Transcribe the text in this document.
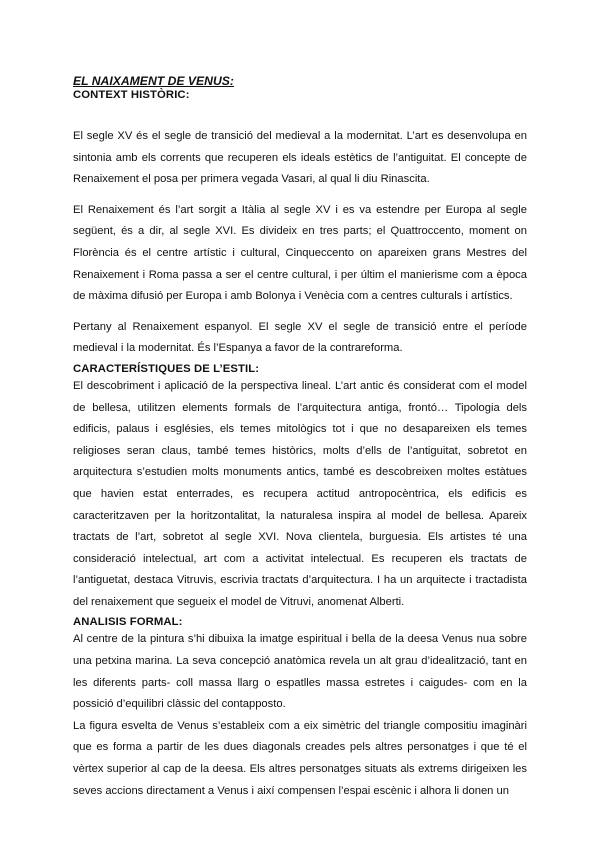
EL NAIXAMENT DE VENUS:

CONTEXT HISTÒRIC:

El segle XV és el segle de transició del medieval a la modernitat. L’art es desenvolupa en sintonia amb els corrents que recuperen els ideals estètics de l’antiguitat. El concepte de Renaixement el posa per primera vegada Vasari, al qual li diu Rinascita.

El Renaixement és l’art sorgit a Itàlia al segle XV i es va estendre per Europa al segle següent, és a dir, al segle XVI. Es divideix en tres parts; el Quattroccento, moment on Florència és el centre artístic i cultural, Cinqueccento on apareixen grans Mestres del Renaixement i Roma passa a ser el centre cultural, i per últim el manierisme com a època de màxima difusió per Europa i amb Bolonya i Venècia com a centres culturals i artístics.

Pertany al Renaixement espanyol. El segle XV el segle de transició entre el període medieval i la modernitat. És l’Espanya a favor de la contrareforma.

CARACTERÍSTIQUES DE L’ESTIL:

El descobriment i aplicació de la perspectiva lineal. L’art antic és considerat com el model de bellesa, utilitzen elements formals de l’arquitectura antiga, frontó… Tipologia dels edificis, palaus i esglésies, els temes mitològics tot i que no desapareixen els temes religioses seran claus, també temes històrics, molts d’ells de l’antiguitat, sobretot en arquitectura s’estudien molts monuments antics, també es descobreixen moltes estàtues que havien estat enterrades, es recupera actitud antropocèntrica, els edificis es caracteritzaven per la horitzontalitat, la naturalesa inspira al model de bellesa. Apareix tractats de l’art, sobretot al segle XVI. Nova clientela, burguesia. Els artistes té una consideració intelectual, art com a activitat intelectual. Es recuperen els tractats de l’antiguetat, destaca Vitruvis, escrivia tractats d’arquitectura. I ha un arquitecte i tractadista del renaixement que segueix el model de Vitruvi, anomenat Alberti.

ANALISIS FORMAL:

Al centre de la pintura s’hi dibuixa la imatge espiritual i bella de la deesa Venus nua sobre una petxina marina. La seva concepció anatòmica revela un alt grau d’idealització, tant en les diferents parts- coll massa llarg o espatlles massa estretes i caigudes- com en la possició d’equilibri clàssic del contapposto.

La figura esvelta de Venus s’estableix com a eix simètric del triangle compositiu imaginàri que es forma a partir de les dues diagonals creades pels altres personatges i que té el vèrtex superior al cap de la deesa. Els altres personatges situats als extrems dirigeixen les seves accions directament a Venus i així compensen l’espai escènic i alhora li donen un
